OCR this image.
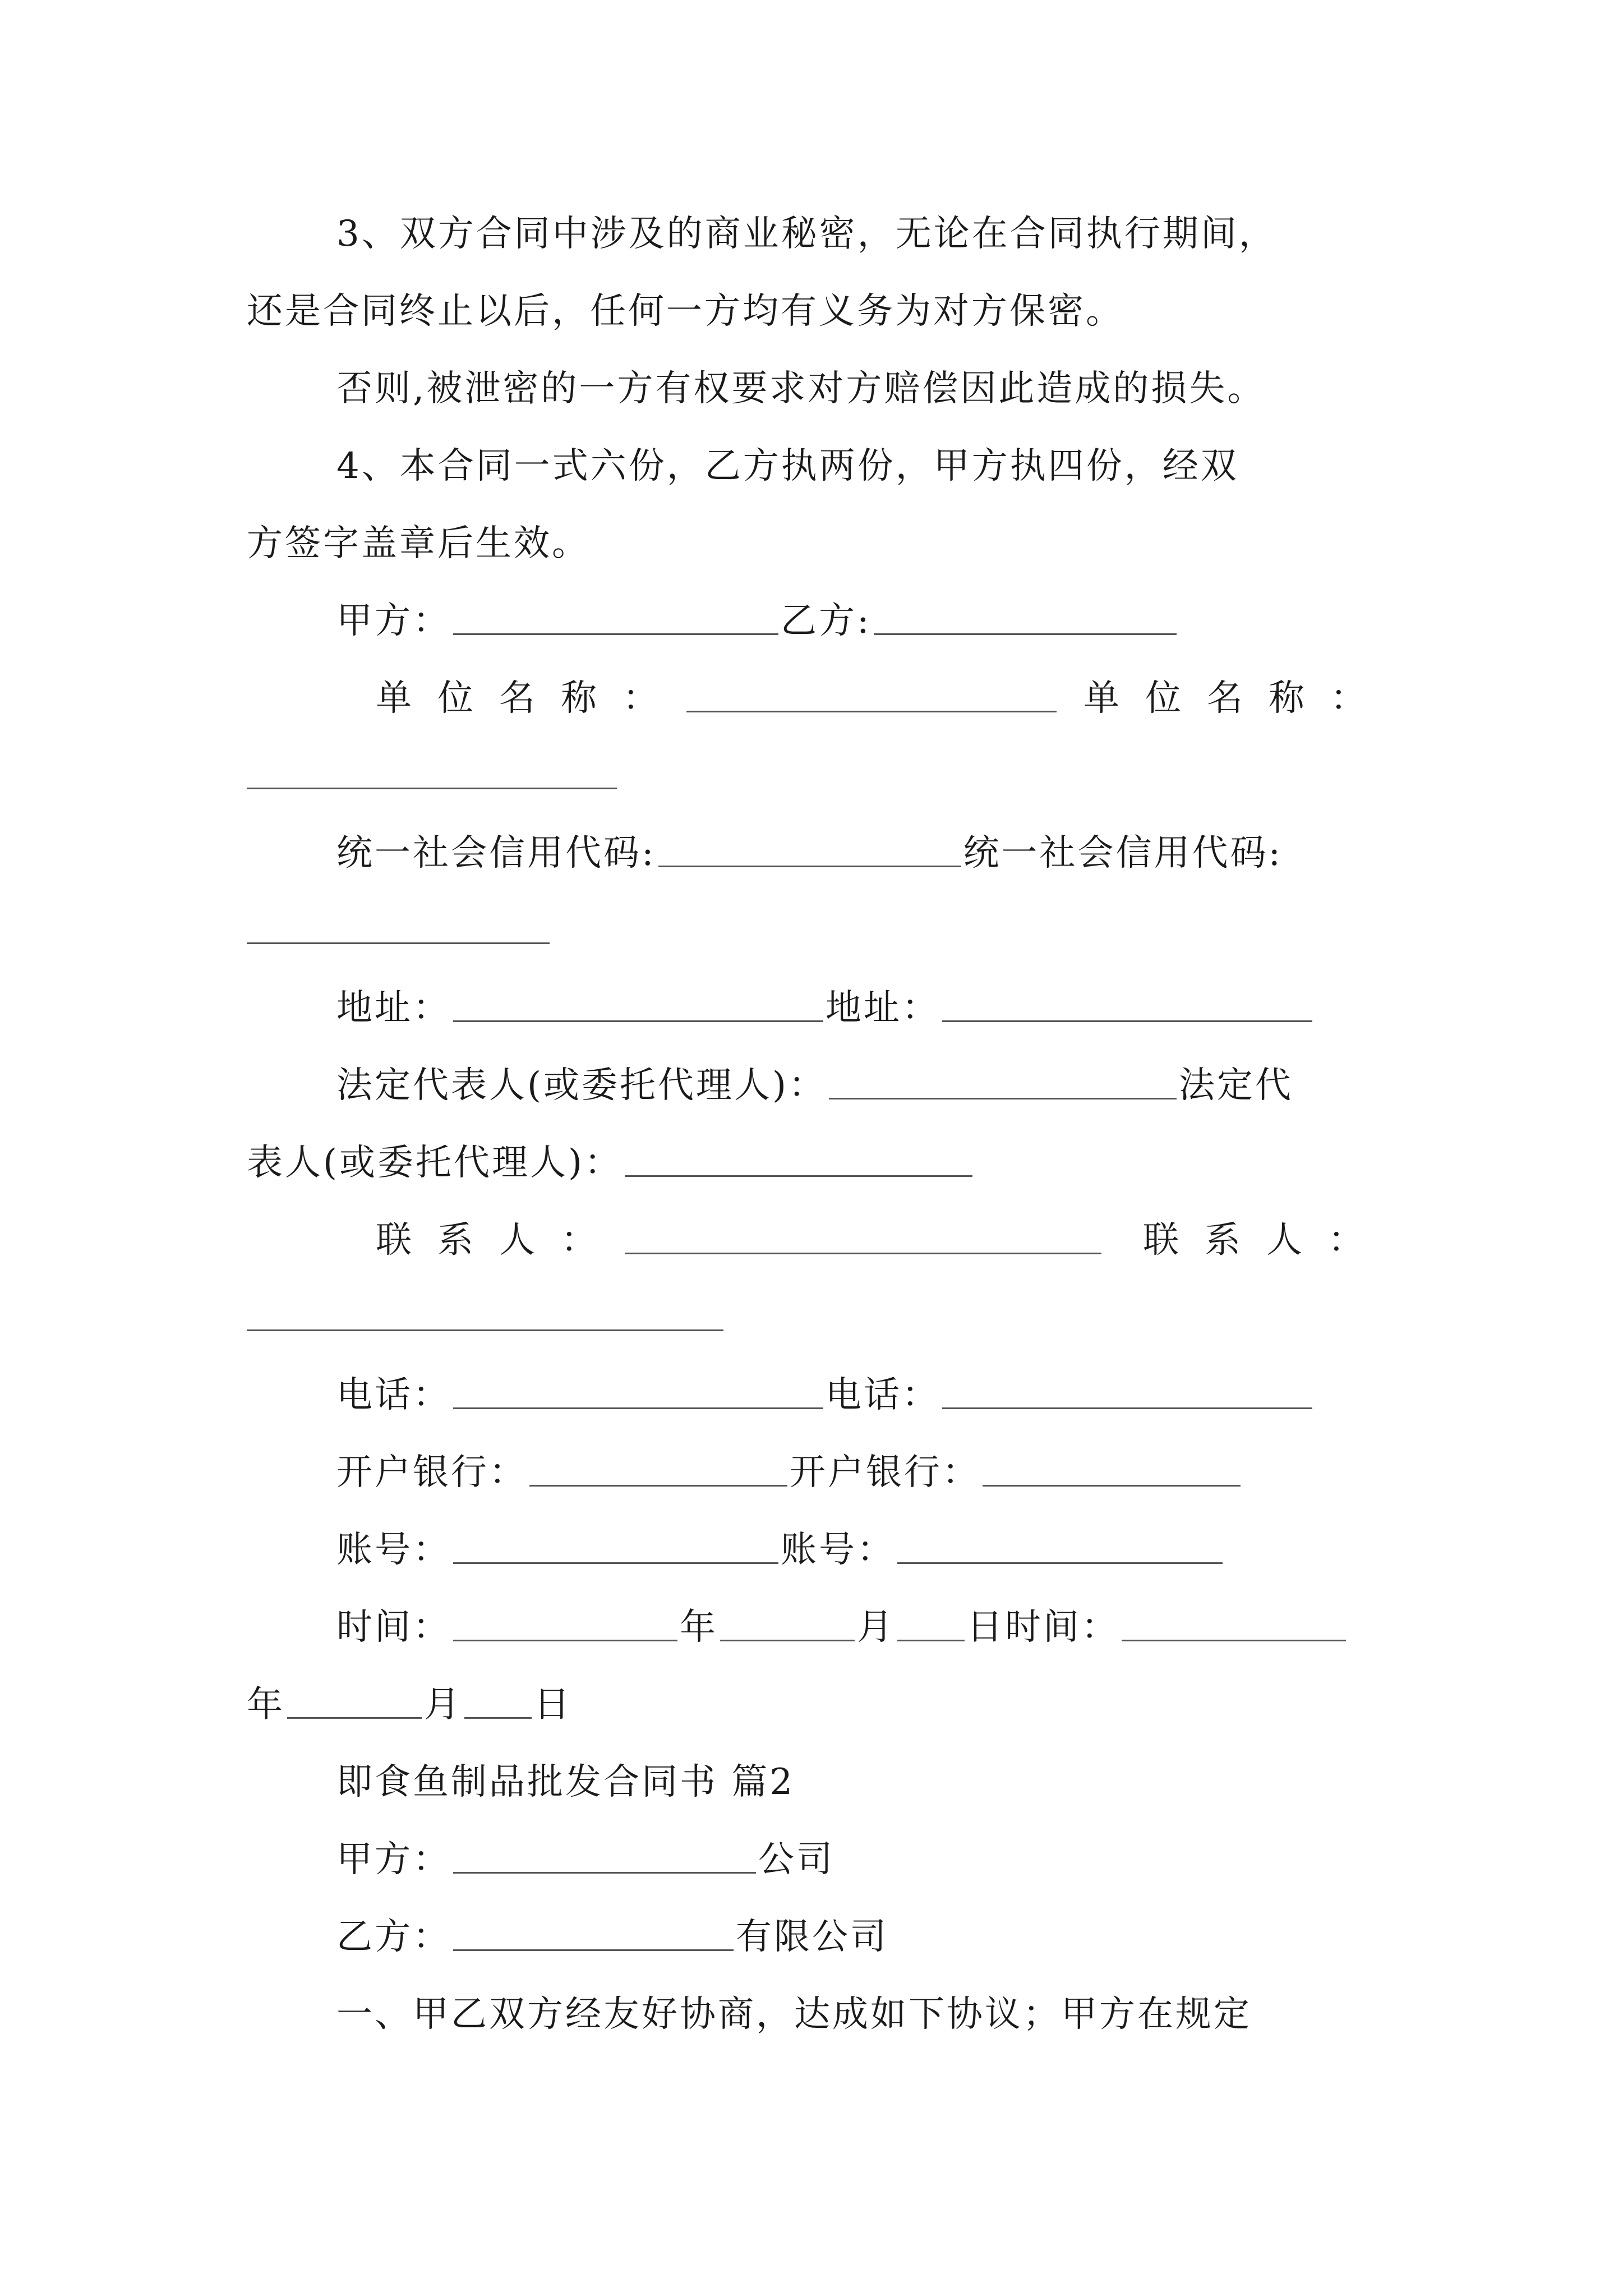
3、双方合同中涉及的商业秘密，无论在合同执行期间，
还是合同终止以后，任何一方均有义务为对方保密。
否则,被泄密的一方有权要求对方赔偿因此造成的损失。
4、本合同一式六份，乙方执两份，甲方执四份，经双
方签字盖章后生效。
甲方：	乙方:
单位名称：	单位名称：
统一社会信用代码:	统一社会信用代码:
地址：	地址：
法定代表人(或委托代理人)：	法定代
表人(或委托代理人)：
联系人：	联系人：
电话：	电话：
开户银行：	开户银行：
账号：	账号：
时间：	年	月 日时间：
年	月 日
即食鱼制品批发合同书 篇2
甲方：	公司
乙方：	有限公司
一、甲乙双方经友好协商，达成如下协议；甲方在规定
